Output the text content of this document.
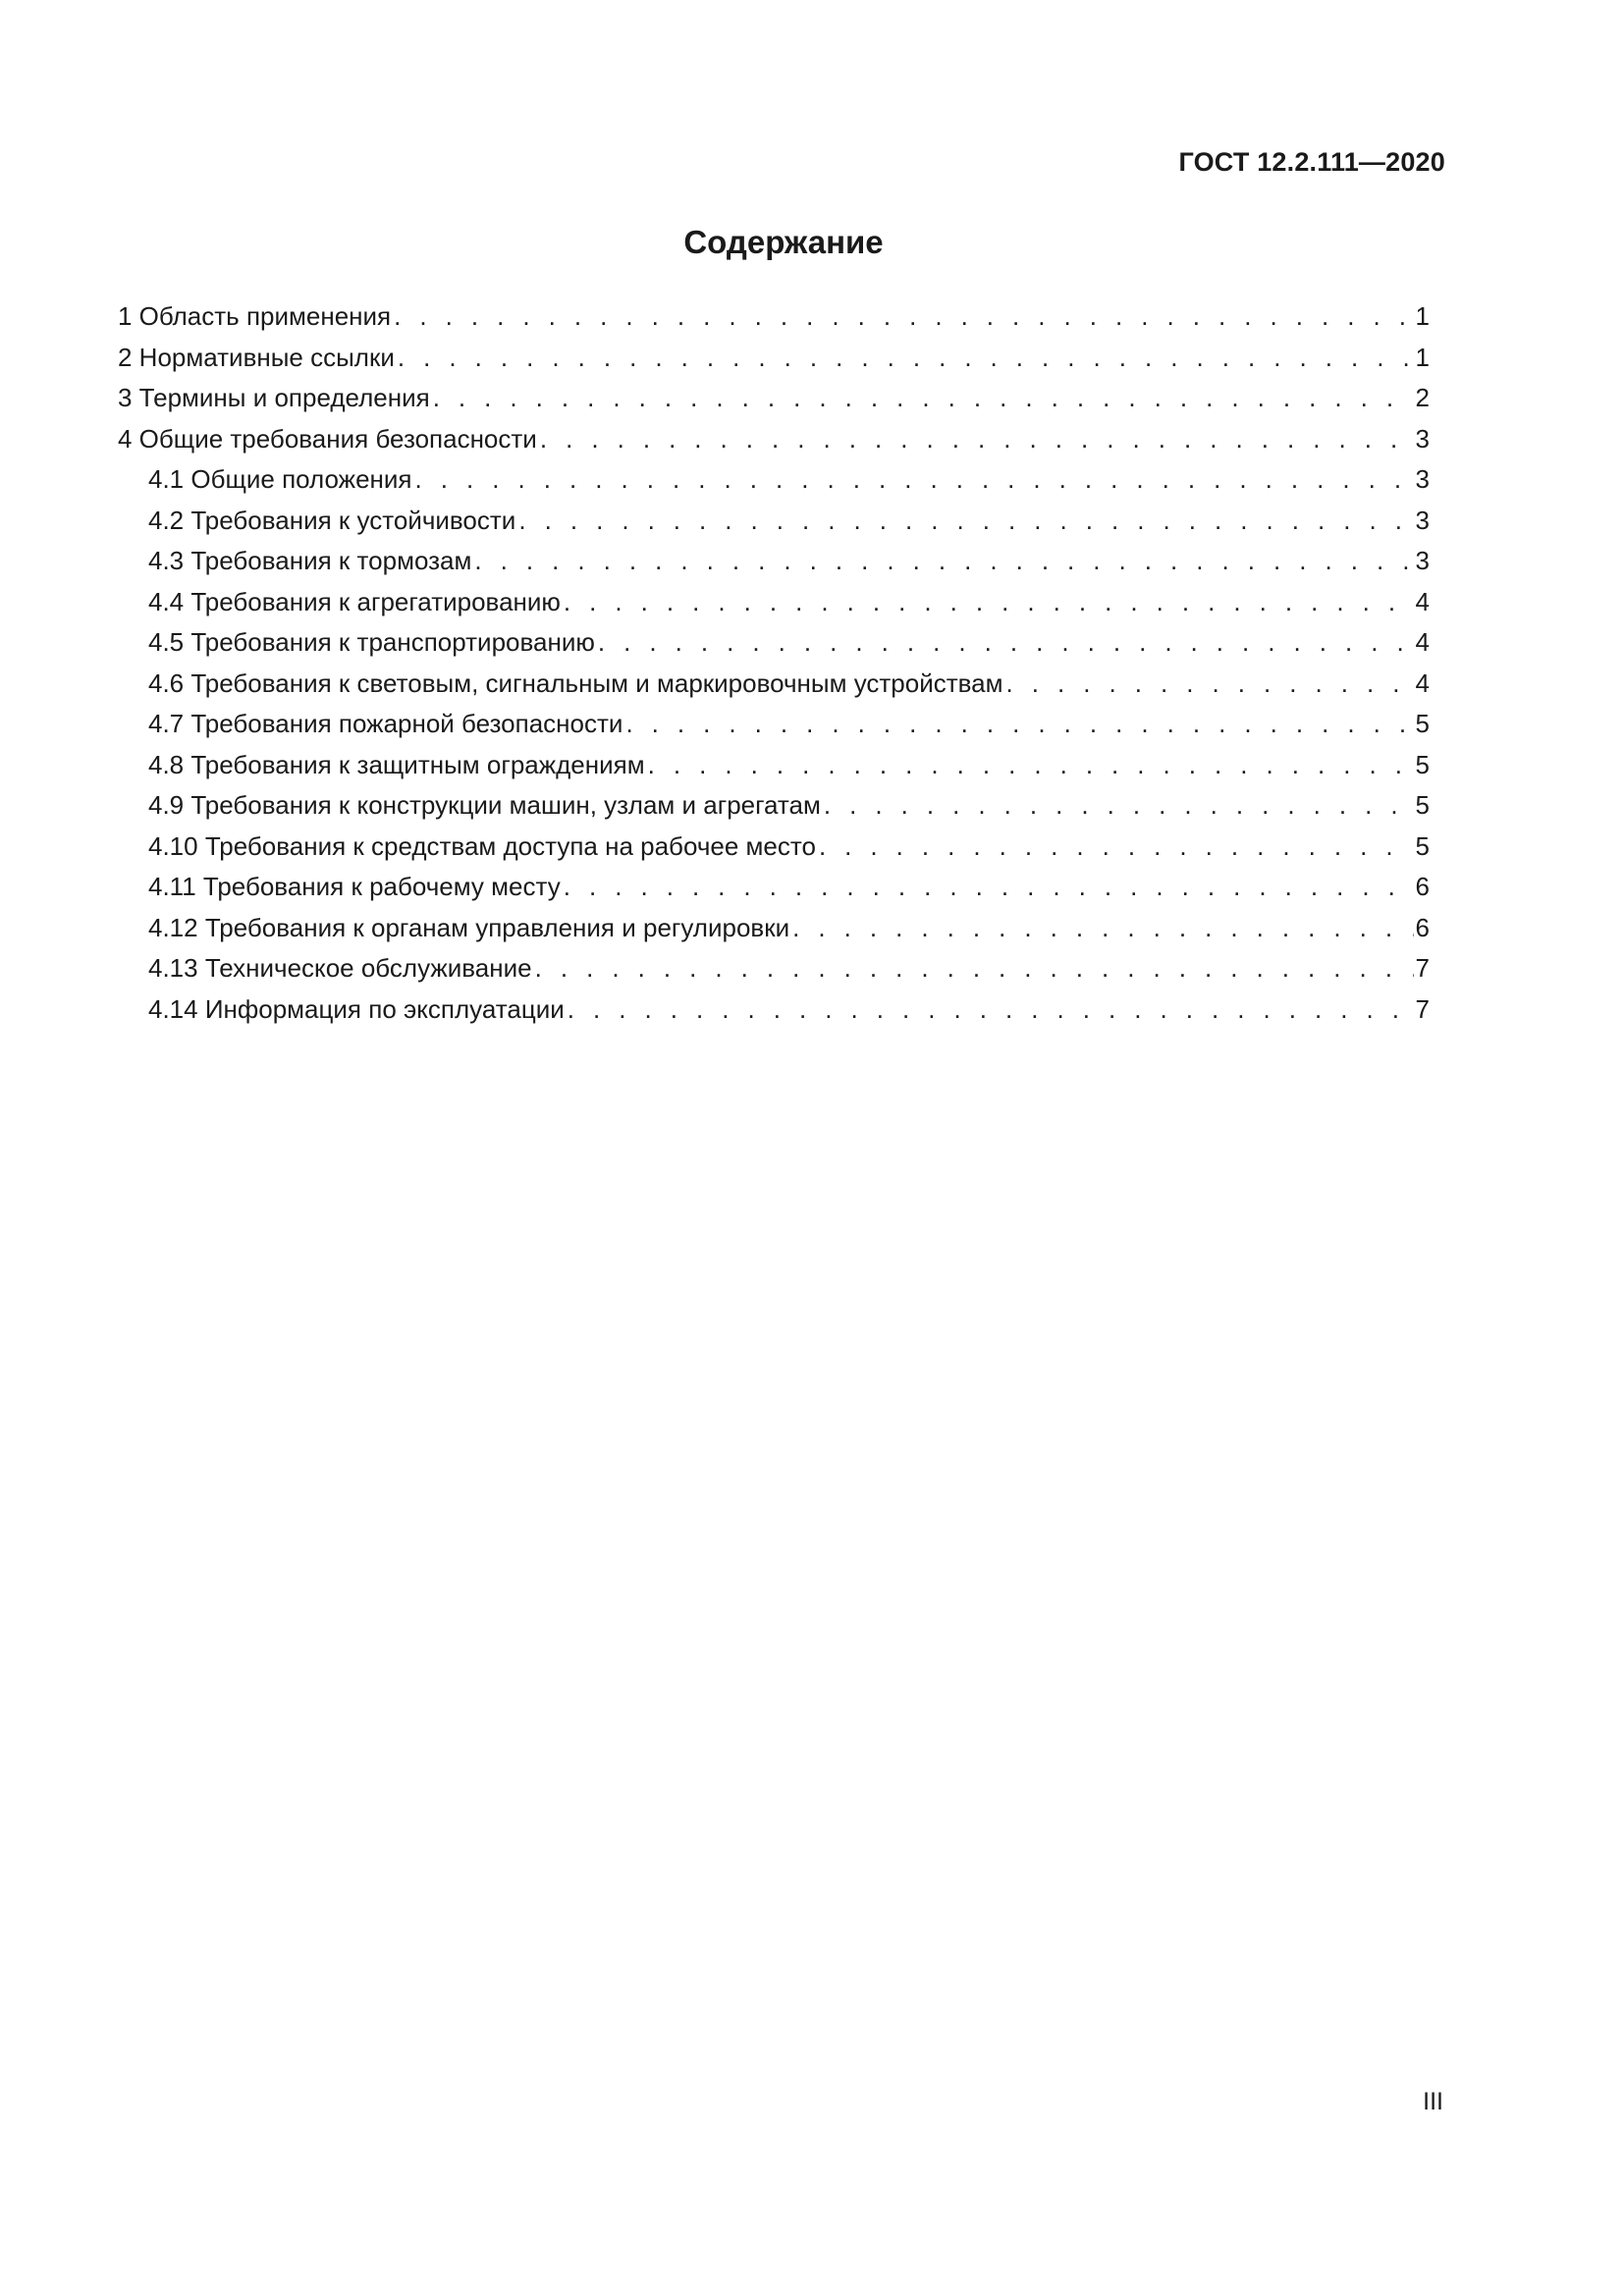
ГОСТ 12.2.111—2020
Содержание
1 Область применения . . .	1
2 Нормативные ссылки . . .	1
3 Термины и определения . . .	2
4 Общие требования безопасности . . .	3
4.1 Общие положения . . .	3
4.2 Требования к устойчивости . . .	3
4.3 Требования к тормозам . . .	3
4.4 Требования к агрегатированию . . .	4
4.5 Требования к транспортированию . . .	4
4.6 Требования к световым, сигнальным и маркировочным устройствам . . .	4
4.7 Требования пожарной безопасности . . .	5
4.8 Требования к защитным ограждениям . . .	5
4.9 Требования к конструкции машин, узлам и агрегатам . . .	5
4.10 Требования к средствам доступа на рабочее место . . .	5
4.11 Требования к рабочему месту . . .	6
4.12 Требования к органам управления и регулировки . . .	6
4.13 Техническое обслуживание . . .	7
4.14 Информация по эксплуатации . . .	7
III
